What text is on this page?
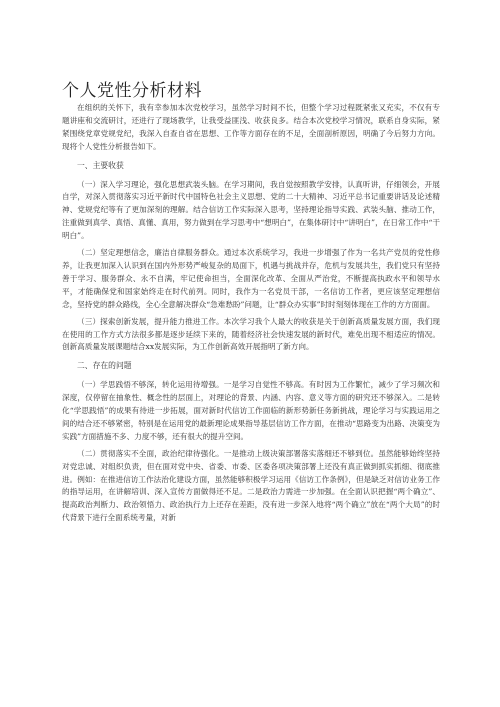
个人党性分析材料

在组织的关怀下，我有幸参加本次党校学习，虽然学习时间不长，但整个学习过程既紧张又充实，不仅有专题讲座和交流研讨，还进行了现场教学，让我受益匪浅、收获良多。结合本次党校学习情况，联系自身实际，紧紧围绕党章党规党纪，我深入自查自省在思想、工作等方面存在的不足，全面剖析原因，明确了今后努力方向。现将个人党性分析报告如下。

一、主要收获

（一）深入学习理论，强化思想武装头脑。在学习期间，我自觉按照教学安排，认真听讲，仔细领会，开展自学，对深入贯彻落实习近平新时代中国特色社会主义思想、党的二十大精神、习近平总书记重要讲话及论述精神、党规党纪等有了更加深刻的理解。结合信访工作实际深入思考，坚持理论指导实践、武装头脑、推动工作，注重做到真学、真悟、真懂、真用，努力做到在学习思考中“想明白”，在集体研讨中“讲明白”，在日常工作中“干明白”。

（二）坚定理想信念，廉洁自律服务群众。通过本次系统学习，我进一步增强了作为一名共产党员的党性修养，让我更加深入认识到在国内外形势严峻复杂的局面下，机遇与挑战并存，危机与发展共生，我们党只有坚持善于学习、服务群众、永不自满，牢记使命担当，全面深化改革、全面从严治党，不断提高执政水平和领导水平，才能确保党和国家始终走在时代前列。同时，我作为一名党员干部，一名信访工作者，更应该坚定理想信念，坚持党的群众路线，全心全意解决群众“急难愁盼”问题，让“群众办实事”时时刻刻体现在工作的方方面面。

（三）探索创新发展，提升能力推进工作。本次学习我个人最大的收获是关于创新高质量发展方面，我们现在使用的工作方式方法很多都是逐步延续下来的，随着经济社会快速发展的新时代，难免出现不相适应的情况。创新高质量发展课题结合xx发展实际，为工作创新高效开展指明了新方向。

二、存在的问题

（一）学思践悟不够深，转化运用待增强。一是学习自觉性不够高。有时因为工作繁忙，减少了学习频次和深度，仅停留在抽象性、概念性的层面上，对理论的背景、内涵、内容、意义等方面的研究还不够深入。二是转化“学思践悟”的成果有待进一步拓展，面对新时代信访工作面临的新形势新任务新挑战，理论学习与实践运用之间的结合还不够紧密，特别是在运用党的最新理论成果指导基层信访工作方面，在推动“思路变为出路、决策变为实践”方面措施不多、力度不够，还有很大的提升空间。

（二）贯彻落实不全面，政治纪律待强化。一是推动上级决策部署落实落细还不够到位。虽然能够始终坚持对党忠诚、对组织负责，但在面对党中央、省委、市委、区委各项决策部署上还没有真正做到抓实抓细、彻底推进。例如：在推进信访工作法治化建设方面，虽然能够积极学习运用《信访工作条例》，但是缺乏对信访业务工作的指导运用，在讲解培训、深入宣传方面做得还不足。二是政治力需进一步加强。在全面认识把握“两个确立”、提高政治判断力、政治领悟力、政治执行力上还存在差距，没有进一步深入地将“两个确立”放在“两个大局”的时代背景下进行全面系统考量，对新
